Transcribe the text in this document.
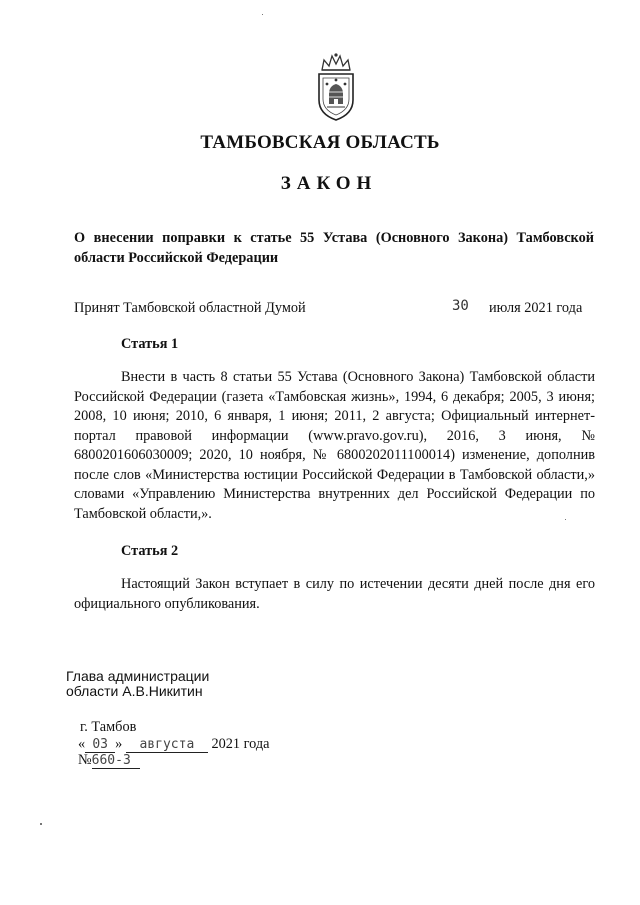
ТАМБОВСКАЯ ОБЛАСТЬ
ЗАКОН
О внесении поправки к статье 55 Устава (Основного Закона) Тамбовской области Российской Федерации
Принят Тамбовской областной Думой	30 июля 2021 года
Статья 1
Внести в часть 8 статьи 55 Устава (Основного Закона) Тамбовской области Российской Федерации (газета «Тамбовская жизнь», 1994, 6 декабря; 2005, 3 июня; 2008, 10 июня; 2010, 6 января, 1 июня; 2011, 2 августа; Официальный интернет-портал правовой информации (www.pravo.gov.ru), 2016, 3 июня, № 6800201606030009; 2020, 10 ноября, № 6800202011100014) изменение, дополнив после слов «Министерства юстиции Российской Федерации в Тамбовской области,» словами «Управлению Министерства внутренних дел Российской Федерации по Тамбовской области,».
Статья 2
Настоящий Закон вступает в силу по истечении десяти дней после дня его официального опубликования.
Глава администрации
области А.В.Никитин
г. Тамбов
« 03 » августа 2021 года
№660-З
